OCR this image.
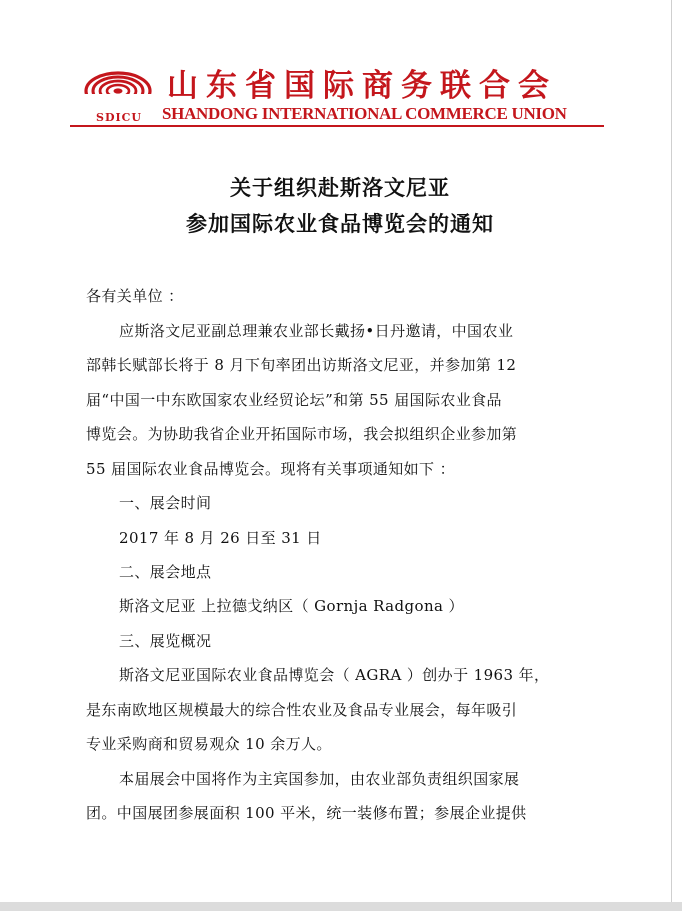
SDICU
山东省国际商务联合会
SHANDONG INTERNATIONAL COMMERCE UNION
关于组织赴斯洛文尼亚
参加国际农业食品博览会的通知
各有关单位 ：
应斯洛文尼亚副总理兼农业部长戴扬•日丹邀请，中国农业
部韩长赋部长将于 8 月下旬率团出访斯洛文尼亚，并参加第 12
届“中国一中东欧国家农业经贸论坛”和第 55 届国际农业食品
博览会。为协助我省企业开拓国际市场，我会拟组织企业参加第
55 届国际农业食品博览会。现将有关事项通知如下 ：
一、展会时间
2017 年 8 月 26 日至 31 日
二、展会地点
斯洛文尼亚 上拉德戈纳区（ Gornja Radgona ）
三、展览概况
斯洛文尼亚国际农业食品博览会（ AGRA ）创办于 1963 年，
是东南欧地区规模最大的综合性农业及食品专业展会，每年吸引
专业采购商和贸易观众 10 余万人。
本届展会中国将作为主宾国参加，由农业部负责组织国家展
团。中国展团参展面积 100 平米，统一装修布置；参展企业提供
